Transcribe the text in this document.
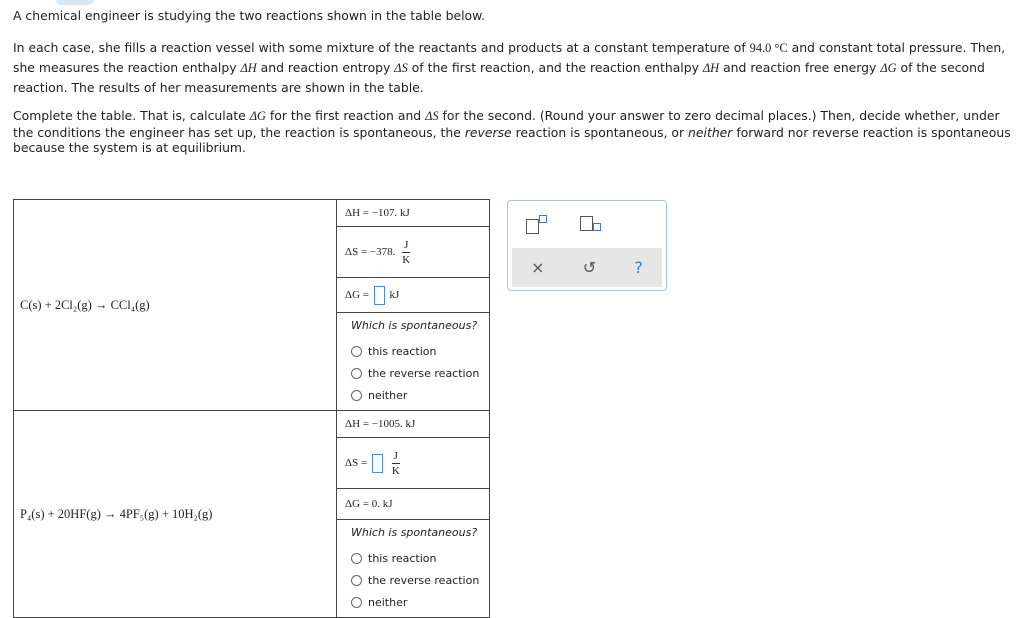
A chemical engineer is studying the two reactions shown in the table below.

In each case, she fills a reaction vessel with some mixture of the reactants and products at a constant temperature of 94.0 °C and constant total pressure. Then, she measures the reaction enthalpy ΔH and reaction entropy ΔS of the first reaction, and the reaction enthalpy ΔH and reaction free energy ΔG of the second reaction. The results of her measurements are shown in the table.

Complete the table. That is, calculate ΔG for the first reaction and ΔS for the second. (Round your answer to zero decimal places.) Then, decide whether, under the conditions the engineer has set up, the reaction is spontaneous, the reverse reaction is spontaneous, or neither forward nor reverse reaction is spontaneous because the system is at equilibrium.

C(s) + 2Cl₂(g) → CCl₄(g)	ΔH = −107. kJ
	ΔS = −378. $\frac{J}{K}$

	ΔG = kJ

	Which is spontaneous?
this reaction
the reverse reaction
neither

P₄(s) + 20HF(g) → 4PF₅(g) + 10H₂(g)	ΔH = −1005. kJ
	$\Delta S = \frac{J}{K}$

	ΔG = 0. kJ

	Which is spontaneous?
this reaction
the reverse reaction
neither
× ↺ ?
